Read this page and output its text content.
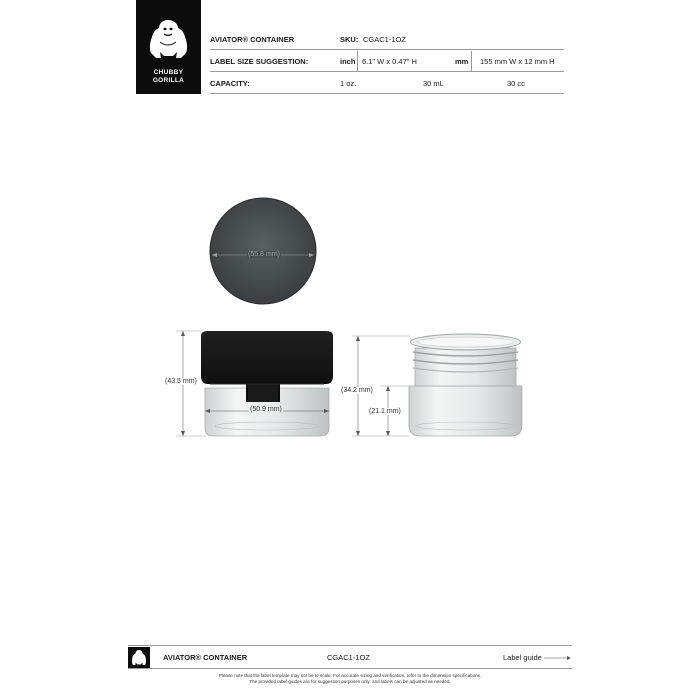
CHUBBY
GORILLA
AVIATOR® CONTAINER	SKU: CGAC1-1OZ
LABEL SIZE SUGGESTION:	inch 6.1" W x 0.47" H	mm 155 mm W x 12 mm H
CAPACITY:	1 oz.	30 mL	30 cc
(55.8 mm)
(43.5 mm)
(50.9 mm)
(34.2 mm)
(21.1 mm)
AVIATOR® CONTAINER	CGAC1-1OZ	Label guide
Please note that the label template may not be to scale. For accurate sizing and verification, refer to the dimension specifications.
The provided label guides are for suggestion purposes only, and labels can be adjusted as needed.
